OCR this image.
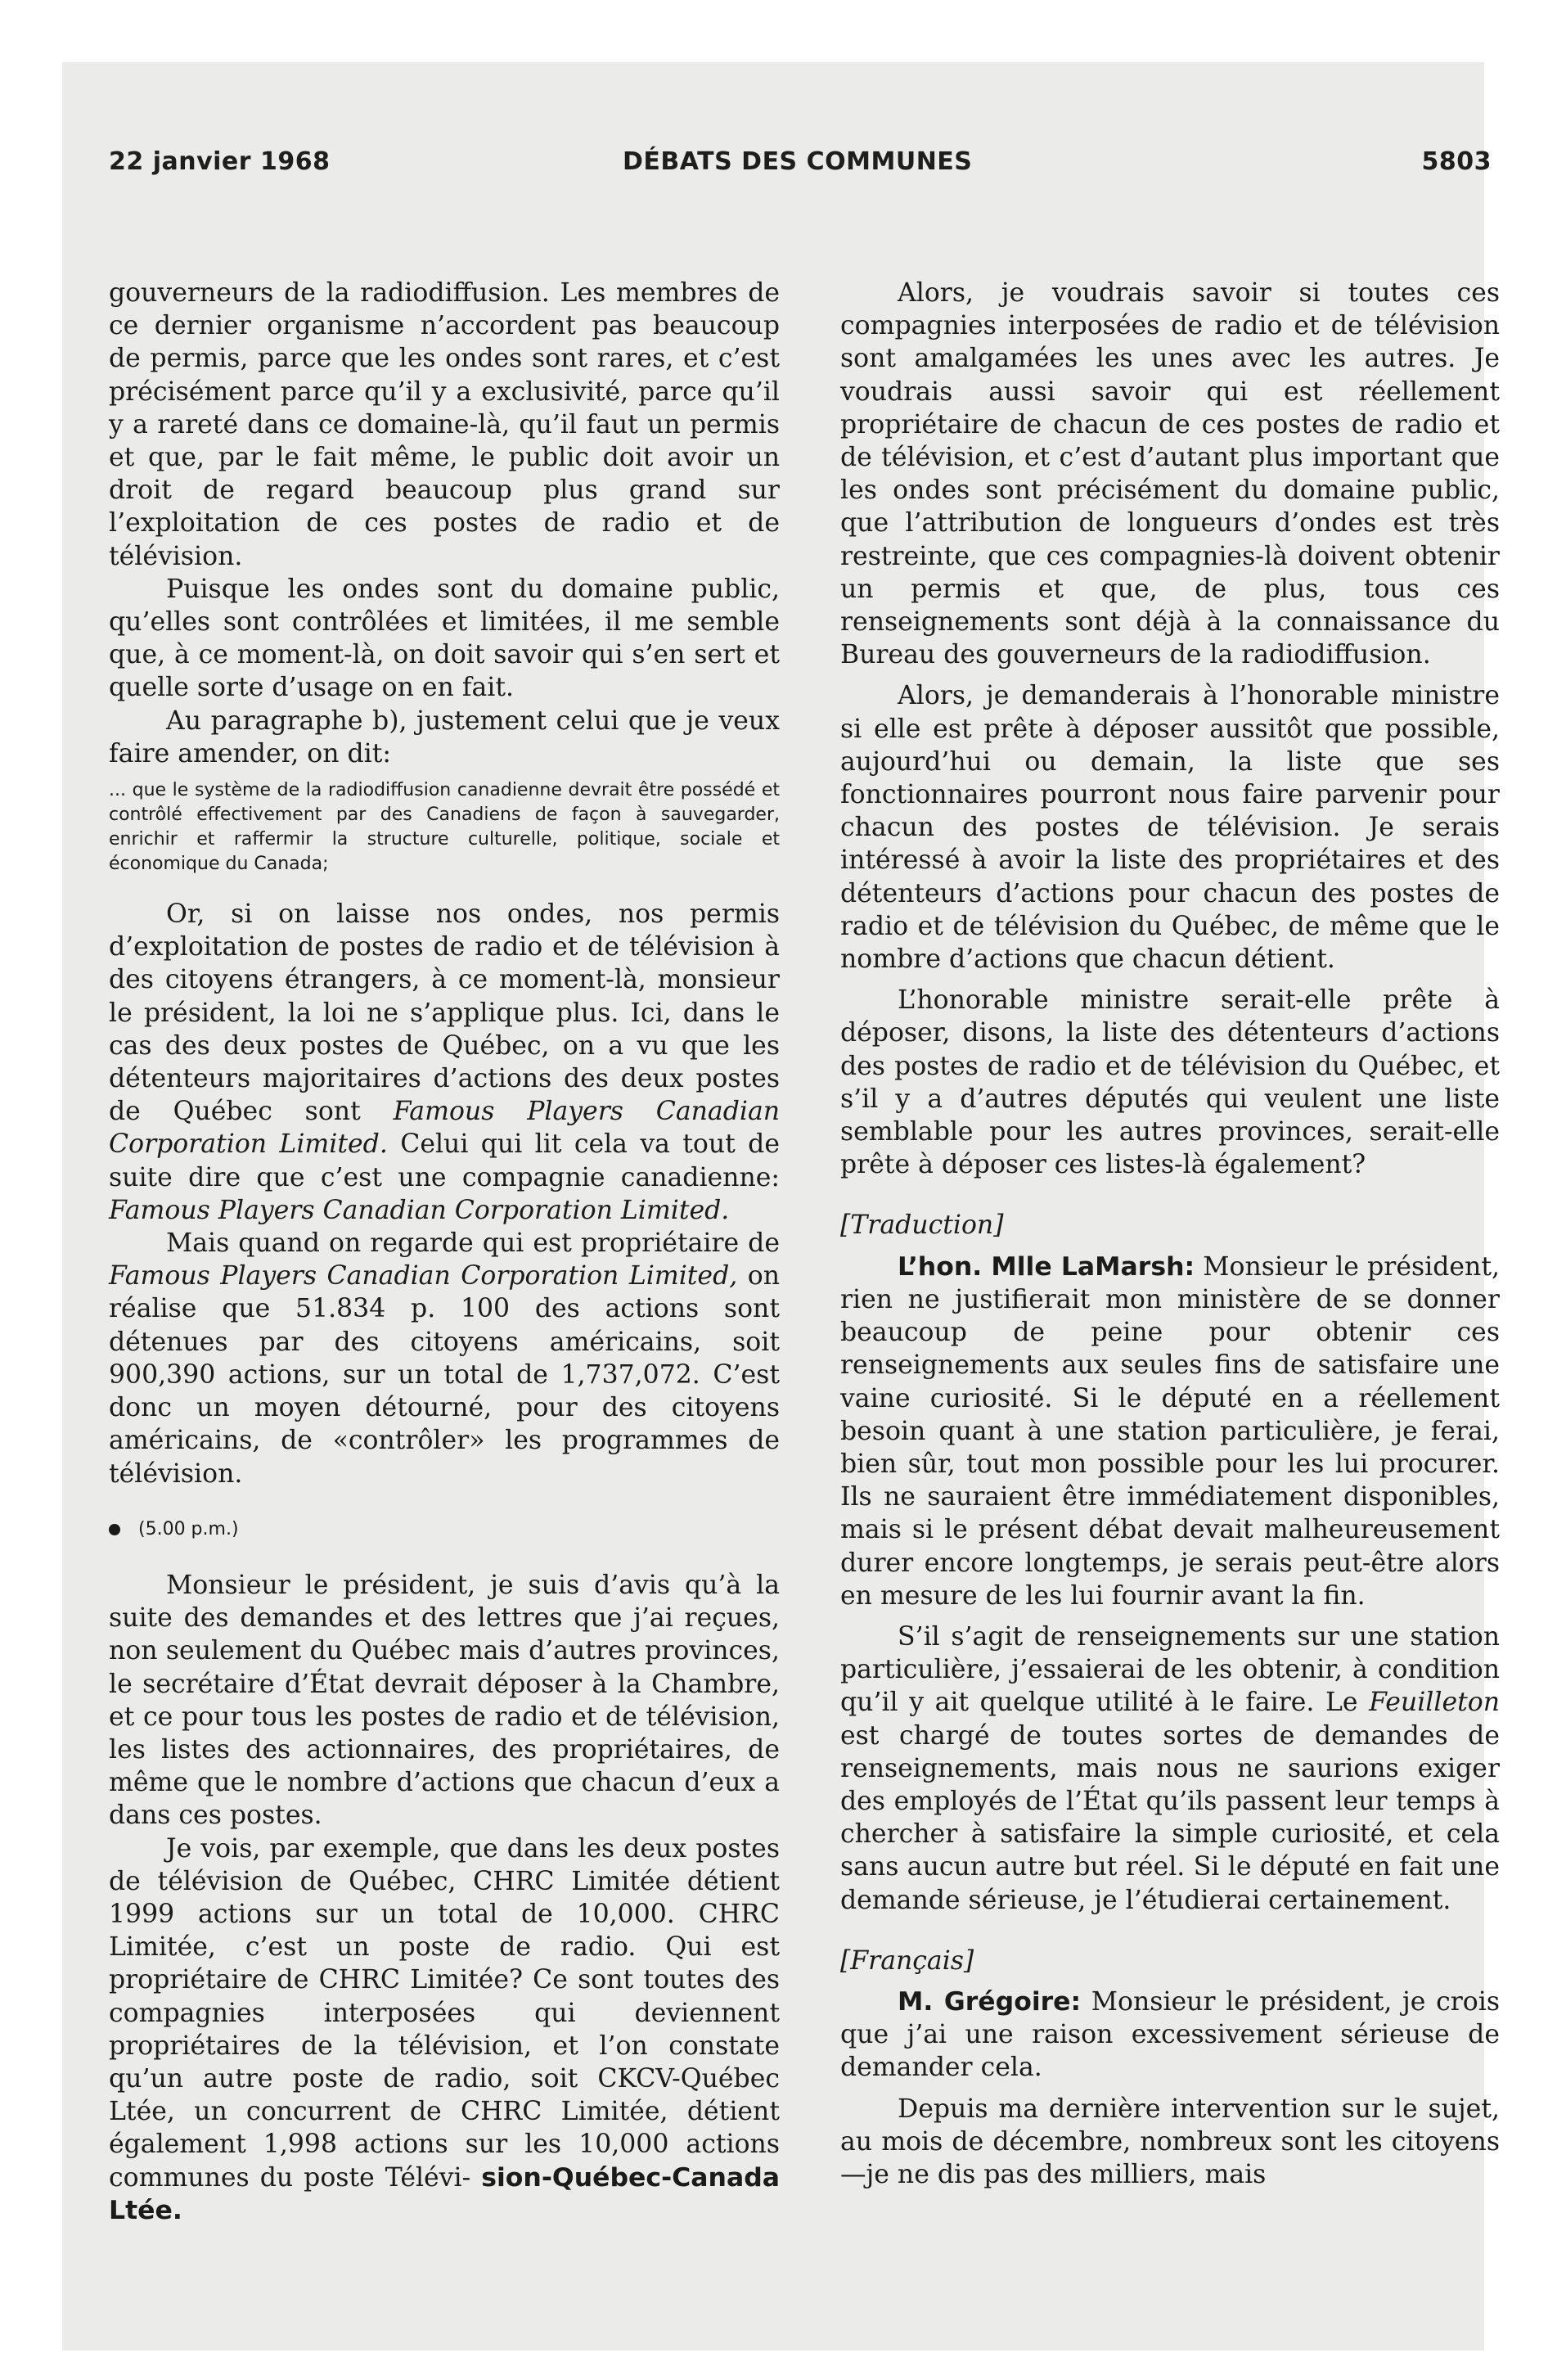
22 janvier 1968	DÉBATS DES COMMUNES	5803

gouverneurs de la radiodiffusion. Les membres de ce dernier organisme n’accordent pas beaucoup de permis, parce que les ondes sont rares, et c’est précisément parce qu’il y a exclusivité, parce qu’il y a rareté dans ce domaine-là, qu’il faut un permis et que, par le fait même, le public doit avoir un droit de regard beaucoup plus grand sur l’exploitation de ces postes de radio et de télévision.

Puisque les ondes sont du domaine public, qu’elles sont contrôlées et limitées, il me semble que, à ce moment-là, on doit savoir qui s’en sert et quelle sorte d’usage on en fait.

Au paragraphe b), justement celui que je veux faire amender, on dit:

... que le système de la radiodiffusion canadienne devrait être possédé et contrôlé effectivement par des Canadiens de façon à sauvegarder, enrichir et raffermir la structure culturelle, politique, sociale et économique du Canada;

Or, si on laisse nos ondes, nos permis d’exploitation de postes de radio et de télévision à des citoyens étrangers, à ce moment-là, monsieur le président, la loi ne s’applique plus. Ici, dans le cas des deux postes de Québec, on a vu que les détenteurs majoritaires d’actions des deux postes de Québec sont Famous Players Canadian Corporation Limited. Celui qui lit cela va tout de suite dire que c’est une compagnie canadienne: Famous Players Canadian Corporation Limited.

Mais quand on regarde qui est propriétaire de Famous Players Canadian Corporation Limited, on réalise que 51.834 p. 100 des actions sont détenues par des citoyens américains, soit 900,390 actions, sur un total de 1,737,072. C’est donc un moyen détourné, pour des citoyens américains, de «contrôler» les programmes de télévision.

(5.00 p.m.)

Monsieur le président, je suis d’avis qu’à la suite des demandes et des lettres que j’ai reçues, non seulement du Québec mais d’autres provinces, le secrétaire d’État devrait déposer à la Chambre, et ce pour tous les postes de radio et de télévision, les listes des actionnaires, des propriétaires, de même que le nombre d’actions que chacun d’eux a dans ces postes.

Je vois, par exemple, que dans les deux postes de télévision de Québec, CHRC Limitée détient 1999 actions sur un total de 10,000. CHRC Limitée, c’est un poste de radio. Qui est propriétaire de CHRC Limitée? Ce sont toutes des compagnies interposées qui deviennent propriétaires de la télévision, et l’on constate qu’un autre poste de radio, soit CKCV-Québec Ltée, un concurrent de CHRC Limitée, détient également 1,998 actions sur les 10,000 actions communes du poste Télévi- sion-Québec-Canada Ltée.

Alors, je voudrais savoir si toutes ces compagnies interposées de radio et de télévision sont amalgamées les unes avec les autres. Je voudrais aussi savoir qui est réellement propriétaire de chacun de ces postes de radio et de télévision, et c’est d’autant plus important que les ondes sont précisément du domaine public, que l’attribution de longueurs d’ondes est très restreinte, que ces compagnies-là doivent obtenir un permis et que, de plus, tous ces renseignements sont déjà à la connaissance du Bureau des gouverneurs de la radiodiffusion.

Alors, je demanderais à l’honorable ministre si elle est prête à déposer aussitôt que possible, aujourd’hui ou demain, la liste que ses fonctionnaires pourront nous faire parvenir pour chacun des postes de télévision. Je serais intéressé à avoir la liste des propriétaires et des détenteurs d’actions pour chacun des postes de radio et de télévision du Québec, de même que le nombre d’actions que chacun détient.

L’honorable ministre serait-elle prête à déposer, disons, la liste des détenteurs d’actions des postes de radio et de télévision du Québec, et s’il y a d’autres députés qui veulent une liste semblable pour les autres provinces, serait-elle prête à déposer ces listes-là également?

[Traduction]

L’hon. Mlle LaMarsh: Monsieur le président, rien ne justifierait mon ministère de se donner beaucoup de peine pour obtenir ces renseignements aux seules fins de satisfaire une vaine curiosité. Si le député en a réellement besoin quant à une station particulière, je ferai, bien sûr, tout mon possible pour les lui procurer. Ils ne sauraient être immédiatement disponibles, mais si le présent débat devait malheureusement durer encore longtemps, je serais peut-être alors en mesure de les lui fournir avant la fin.

S’il s’agit de renseignements sur une station particulière, j’essaierai de les obtenir, à condition qu’il y ait quelque utilité à le faire. Le Feuilleton est chargé de toutes sortes de demandes de renseignements, mais nous ne saurions exiger des employés de l’État qu’ils passent leur temps à chercher à satisfaire la simple curiosité, et cela sans aucun autre but réel. Si le député en fait une demande sérieuse, je l’étudierai certainement.

[Français]

M. Grégoire: Monsieur le président, je crois que j’ai une raison excessivement sérieuse de demander cela.

Depuis ma dernière intervention sur le sujet, au mois de décembre, nombreux sont les citoyens—je ne dis pas des milliers, mais
